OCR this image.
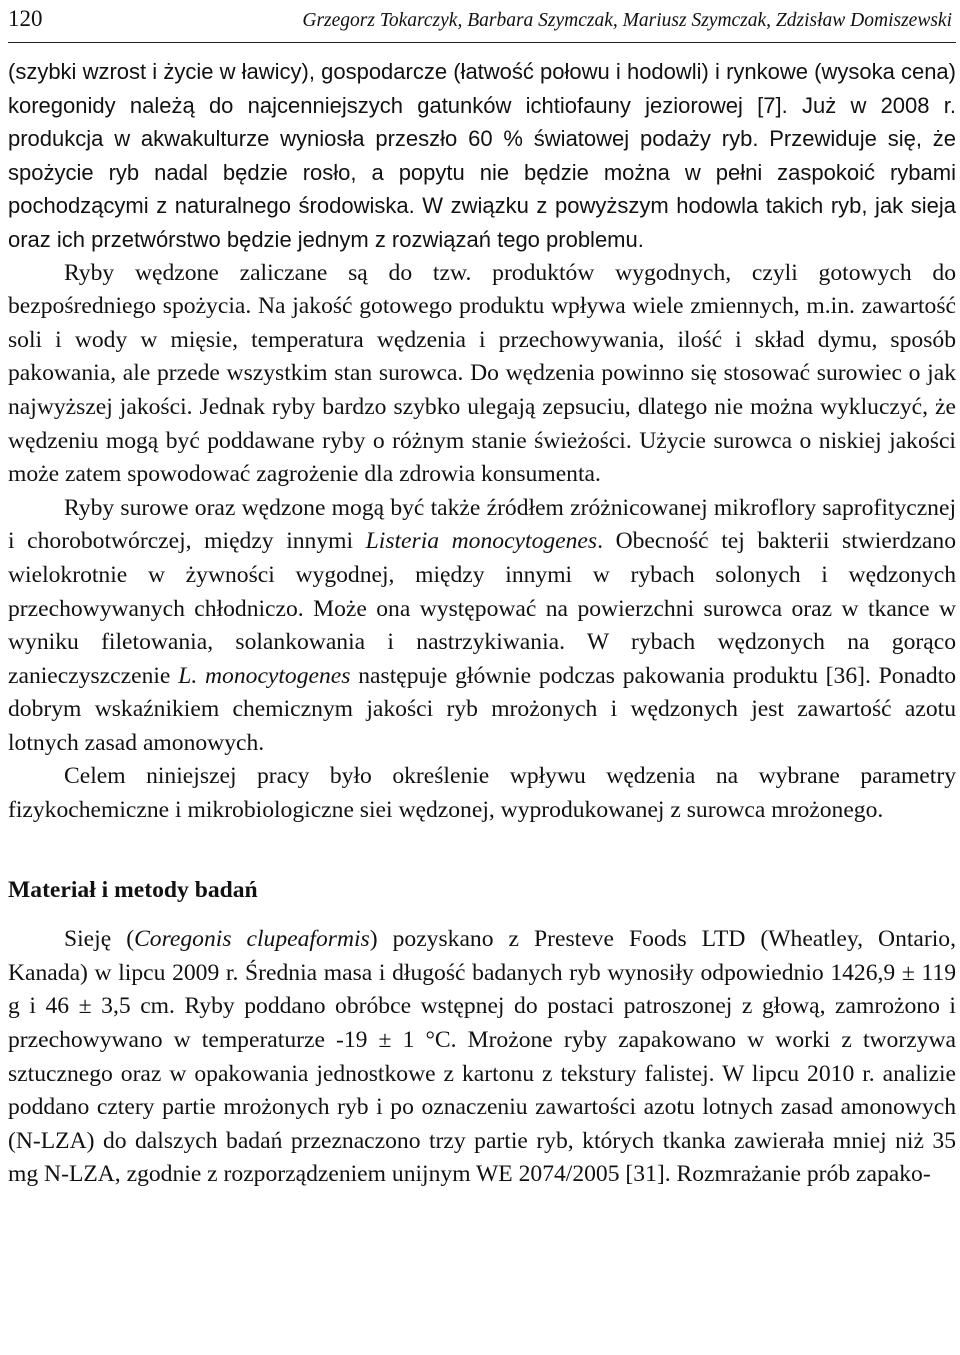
120	Grzegorz Tokarczyk, Barbara Szymczak, Mariusz Szymczak, Zdzisław Domiszewski

(szybki wzrost i życie w ławicy), gospodarcze (łatwość połowu i hodowli) i rynkowe (wysoka cena) koregonidy należą do najcenniejszych gatunków ichtiofauny jeziorowej [7]. Już w 2008 r. produkcja w akwakulturze wyniosła przeszło 60 % światowej podaży ryb. Przewiduje się, że spożycie ryb nadal będzie rosło, a popytu nie będzie można w pełni zaspokoić rybami pochodzącymi z naturalnego środowiska. W związku z powyższym hodowla takich ryb, jak sieja oraz ich przetwórstwo będzie jednym z rozwiązań tego problemu.

Ryby wędzone zaliczane są do tzw. produktów wygodnych, czyli gotowych do bezpośredniego spożycia. Na jakość gotowego produktu wpływa wiele zmiennych, m.in. zawartość soli i wody w mięsie, temperatura wędzenia i przechowywania, ilość i skład dymu, sposób pakowania, ale przede wszystkim stan surowca. Do wędzenia powinno się stosować surowiec o jak najwyższej jakości. Jednak ryby bardzo szybko ulegają zepsuciu, dlatego nie można wykluczyć, że wędzeniu mogą być poddawane ryby o różnym stanie świeżości. Użycie surowca o niskiej jakości może zatem spowodować zagrożenie dla zdrowia konsumenta.

Ryby surowe oraz wędzone mogą być także źródłem zróżnicowanej mikroflory saprofitycznej i chorobotwórczej, między innymi Listeria monocytogenes. Obecność tej bakterii stwierdzano wielokrotnie w żywności wygodnej, między innymi w rybach solonych i wędzonych przechowywanych chłodniczo. Może ona występować na powierzchni surowca oraz w tkance w wyniku filetowania, solankowania i nastrzykiwania. W rybach wędzonych na gorąco zanieczyszczenie L. monocytogenes następuje głównie podczas pakowania produktu [36]. Ponadto dobrym wskaźnikiem chemicznym jakości ryb mrożonych i wędzonych jest zawartość azotu lotnych zasad amonowych.

Celem niniejszej pracy było określenie wpływu wędzenia na wybrane parametry fizykochemiczne i mikrobiologiczne siei wędzonej, wyprodukowanej z surowca mrożonego.

Materiał i metody badań

Sieję (Coregonis clupeaformis) pozyskano z Presteve Foods LTD (Wheatley, Ontario, Kanada) w lipcu 2009 r. Średnia masa i długość badanych ryb wynosiły odpowiednio 1426,9 ± 119 g i 46 ± 3,5 cm. Ryby poddano obróbce wstępnej do postaci patroszonej z głową, zamrożono i przechowywano w temperaturze -19 ± 1 °C. Mrożone ryby zapakowano w worki z tworzywa sztucznego oraz w opakowania jednostkowe z kartonu z tekstury falistej. W lipcu 2010 r. analizie poddano cztery partie mrożonych ryb i po oznaczeniu zawartości azotu lotnych zasad amonowych (N-LZA) do dalszych badań przeznaczono trzy partie ryb, których tkanka zawierała mniej niż 35 mg N-LZA, zgodnie z rozporządzeniem unijnym WE 2074/2005 [31]. Rozmrażanie prób zapako-
